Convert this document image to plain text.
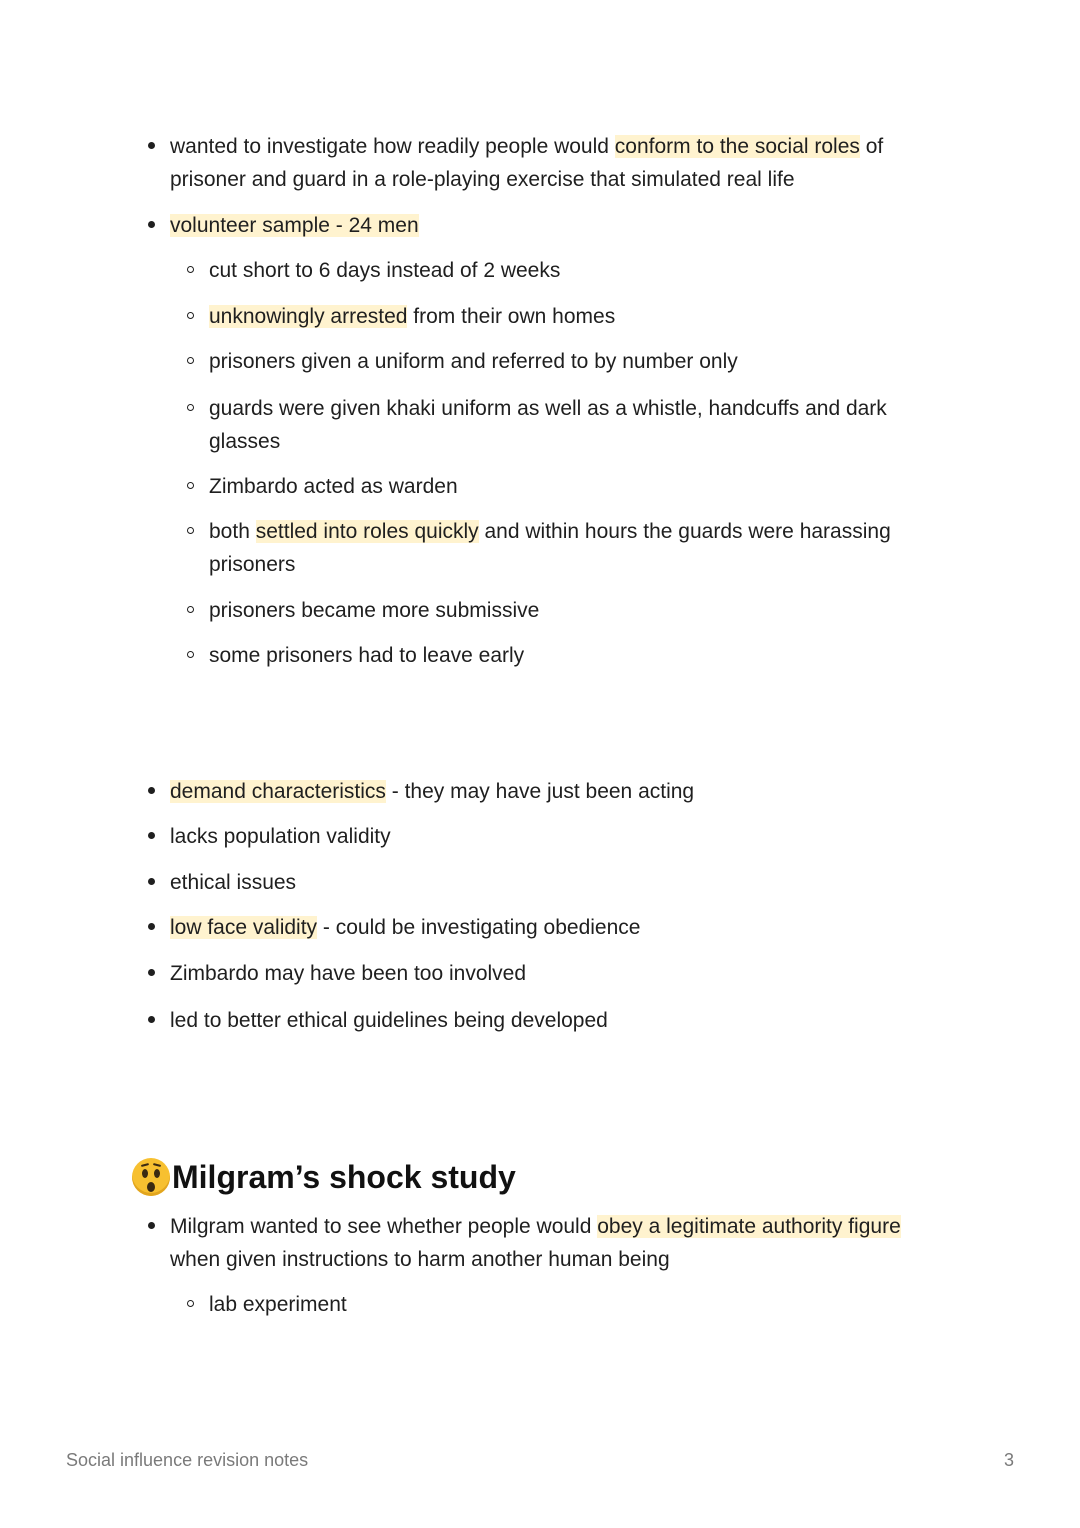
wanted to investigate how readily people would conform to the social roles of prisoner and guard in a role-playing exercise that simulated real life
volunteer sample - 24 men
cut short to 6 days instead of 2 weeks
unknowingly arrested from their own homes
prisoners given a uniform and referred to by number only
guards were given khaki uniform as well as a whistle, handcuffs and dark glasses
Zimbardo acted as warden
both settled into roles quickly and within hours the guards were harassing prisoners
prisoners became more submissive
some prisoners had to leave early
demand characteristics - they may have just been acting
lacks population validity
ethical issues
low face validity - could be investigating obedience
Zimbardo may have been too involved
led to better ethical guidelines being developed
Milgram’s shock study
Milgram wanted to see whether people would obey a legitimate authority figure when given instructions to harm another human being
lab experiment
Social influence revision notes	3
